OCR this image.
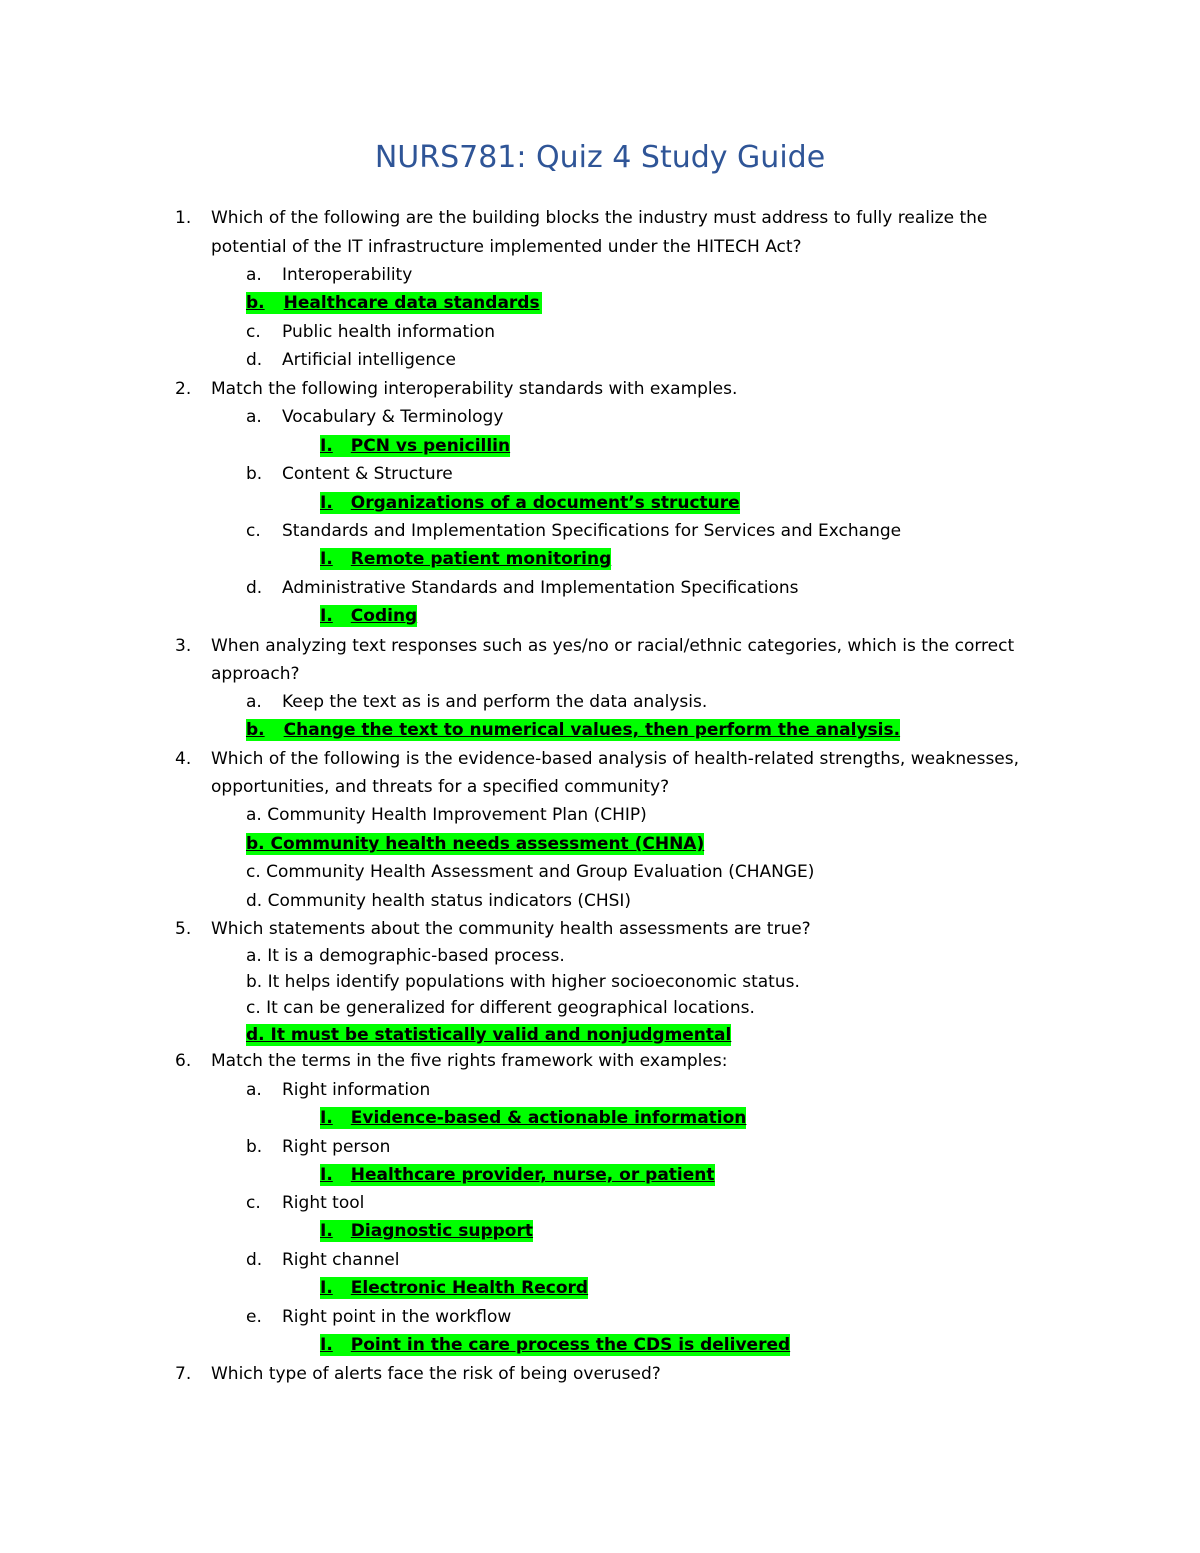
NURS781: Quiz 4 Study Guide
1. Which of the following are the building blocks the industry must address to fully realize the
potential of the IT infrastructure implemented under the HITECH Act?
a. Interoperability
b. Healthcare data standards
c. Public health information
d. Artificial intelligence
2. Match the following interoperability standards with examples.
a. Vocabulary & Terminology
I. PCN vs penicillin
b. Content & Structure
I. Organizations of a document’s structure
c. Standards and Implementation Specifications for Services and Exchange
I. Remote patient monitoring
d. Administrative Standards and Implementation Specifications
I. Coding
3. When analyzing text responses such as yes/no or racial/ethnic categories, which is the correct
approach?
a. Keep the text as is and perform the data analysis.
b. Change the text to numerical values, then perform the analysis.
4. Which of the following is the evidence-based analysis of health-related strengths, weaknesses,
opportunities, and threats for a specified community?
a. Community Health Improvement Plan (CHIP)
b. Community health needs assessment (CHNA)
c. Community Health Assessment and Group Evaluation (CHANGE)
d. Community health status indicators (CHSI)
5. Which statements about the community health assessments are true?
a. It is a demographic-based process.
b. It helps identify populations with higher socioeconomic status.
c. It can be generalized for different geographical locations.
d. It must be statistically valid and nonjudgmental
6. Match the terms in the five rights framework with examples:
a. Right information
I. Evidence-based & actionable information
b. Right person
I. Healthcare provider, nurse, or patient
c. Right tool
I. Diagnostic support
d. Right channel
I. Electronic Health Record
e. Right point in the workflow
I. Point in the care process the CDS is delivered
7. Which type of alerts face the risk of being overused?
